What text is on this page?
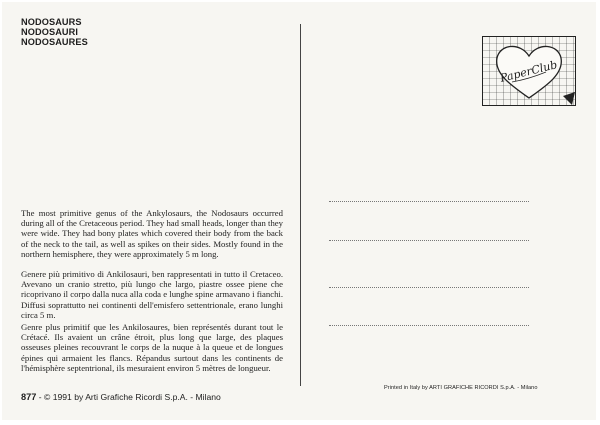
NODOSAURS
NODOSAURI
NODOSAURES

The most primitive genus of the Ankylosaurs, the Nodosaurs occurred during all of the Cretaceous period. They had small heads, longer than they were wide. They had bony plates which covered their body from the back of the neck to the tail, as well as spikes on their sides. Mostly found in the northern hemisphere, they were approximately 5 m long.

Genere più primitivo di Ankilosauri, ben rappresentati in tutto il Cretaceo. Avevano un cranio stretto, più lungo che largo, piastre ossee piene che ricoprivano il corpo dalla nuca alla coda e lunghe spine armavano i fianchi. Diffusi soprattutto nei continenti dell'emisfero settentrionale, erano lunghi circa 5 m.

Genre plus primitif que les Ankilosaures, bien représentés durant tout le Crétacé. Ils avaient un crâne étroit, plus long que large, des plaques osseuses pleines recouvrant le corps de la nuque à la queue et de longues épines qui armaient les flancs. Répandus surtout dans les continents de l'hémisphère septentrional, ils mesuraient environ 5 mètres de longueur.

877 - © 1991 by Arti Grafiche Ricordi S.p.A. - Milano
PaperClub
Printed in Italy by ARTI GRAFICHE RICORDI S.p.A. - Milano
